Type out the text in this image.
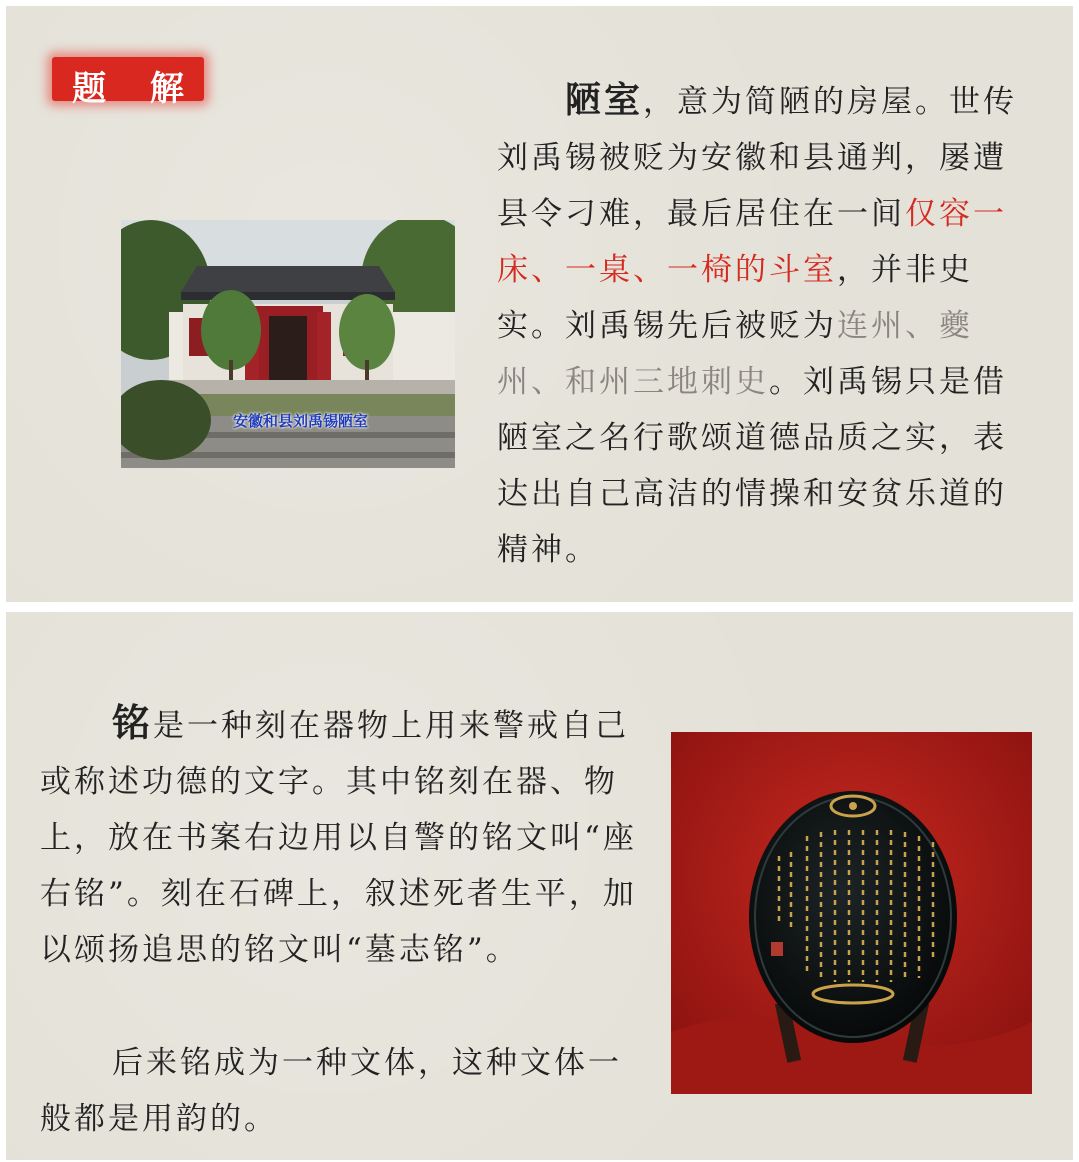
题 解	陋室，意为简陋的房屋。世传刘禹锡被贬为安徽和县通判，屡遭县令刁难，最后居住在一间仅容一床、一桌、一椅的斗室，并非史实。刘禹锡先后被贬为连州、夔州、和州三地刺史。刘禹锡只是借陋室之名行歌颂道德品质之实，表达出自己高洁的情操和安贫乐道的精神。

安徽和县刘禹锡陋室

铭是一种刻在器物上用来警戒自己或称述功德的文字。其中铭刻在器、物上，放在书案右边用以自警的铭文叫“座右铭”。刻在石碑上，叙述死者生平，加以颂扬追思的铭文叫“墓志铭”。

后来铭成为一种文体，这种文体一般都是用韵的。
